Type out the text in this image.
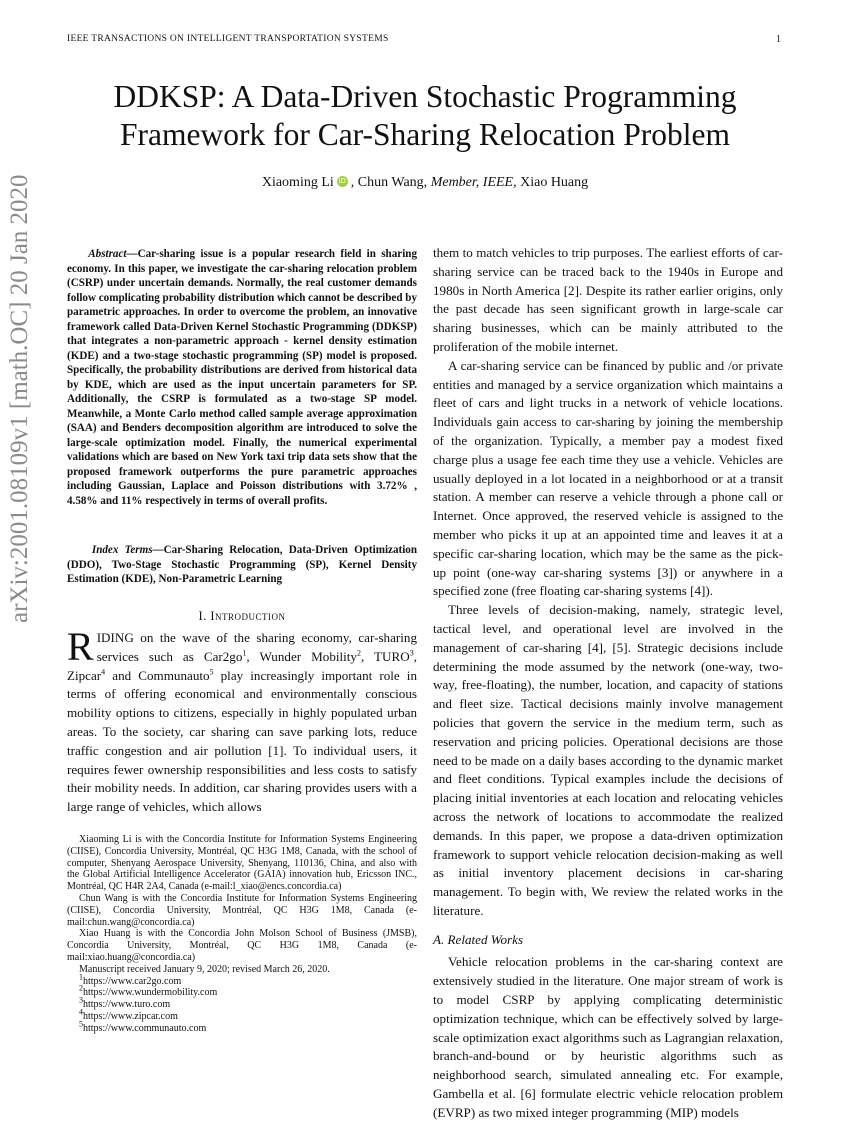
IEEE TRANSACTIONS ON INTELLIGENT TRANSPORTATION SYSTEMS	1
arXiv:2001.08109v1 [math.OC] 20 Jan 2020
DDKSP: A Data-Driven Stochastic Programming Framework for Car-Sharing Relocation Problem
Xiaoming Li iD , Chun Wang, Member, IEEE, Xiao Huang
Abstract—Car-sharing issue is a popular research field in sharing economy. In this paper, we investigate the car-sharing relocation problem (CSRP) under uncertain demands. Normally, the real customer demands follow complicating probability distribution which cannot be described by parametric approaches. In order to overcome the problem, an innovative framework called Data-Driven Kernel Stochastic Programming (DDKSP) that integrates a non-parametric approach - kernel density estimation (KDE) and a two-stage stochastic programming (SP) model is proposed. Specifically, the probability distributions are derived from historical data by KDE, which are used as the input uncertain parameters for SP. Additionally, the CSRP is formulated as a two-stage SP model. Meanwhile, a Monte Carlo method called sample average approximation (SAA) and Benders decomposition algorithm are introduced to solve the large-scale optimization model. Finally, the numerical experimental validations which are based on New York taxi trip data sets show that the proposed framework outperforms the pure parametric approaches including Gaussian, Laplace and Poisson distributions with 3.72% , 4.58% and 11% respectively in terms of overall profits.
Index Terms—Car-Sharing Relocation, Data-Driven Optimization (DDO), Two-Stage Stochastic Programming (SP), Kernel Density Estimation (KDE), Non-Parametric Learning
I. Introduction
RIDING on the wave of the sharing economy, car-sharing services such as $Car2go^1$, Wunder Mobility$^2$, TURO$^3$, Zipcar$^4$ and Communauto$^5$ play increasingly important role in terms of offering economical and environmentally conscious mobility options to citizens, especially in highly populated urban areas. To the society, car sharing can save parking lots, reduce traffic congestion and air pollution [1]. To individual users, it requires fewer ownership responsibilities and less costs to satisfy their mobility needs. In addition, car sharing provides users with a large range of vehicles, which allows

Xiaoming Li is with the Concordia Institute for Information Systems Engineering (CIISE), Concordia University, Montréal, QC H3G 1M8, Canada, with the school of computer, Shenyang Aerospace University, Shenyang, 110136, China, and also with the Global Artificial Intelligence Accelerator (GAIA) innovation hub, Ericsson INC., Montréal, QC H4R 2A4, Canada (e-mail:l_xiao@encs.concordia.ca)

Chun Wang is with the Concordia Institute for Information Systems Engineering (CIISE), Concordia University, Montréal, QC H3G 1M8, Canada (e-mail:chun.wang@concordia.ca)

Xiao Huang is with the Concordia John Molson School of Business (JMSB), Concordia University, Montréal, QC H3G 1M8, Canada (e-mail:xiao.huang@concordia.ca)

Manuscript received January 9, 2020; revised March 26, 2020.

$^1$https://www.car2go.com

$^2$https://www.wundermobility.com

$^3$https://www.turo.com

$^4$https://www.zipcar.com

$^5$https://www.communauto.com

them to match vehicles to trip purposes. The earliest efforts of car-sharing service can be traced back to the 1940s in Europe and 1980s in North America [2]. Despite its rather earlier origins, only the past decade has seen significant growth in large-scale car sharing businesses, which can be mainly attributed to the proliferation of the mobile internet.

A car-sharing service can be financed by public and /or private entities and managed by a service organization which maintains a fleet of cars and light trucks in a network of vehicle locations. Individuals gain access to car-sharing by joining the membership of the organization. Typically, a member pay a modest fixed charge plus a usage fee each time they use a vehicle. Vehicles are usually deployed in a lot located in a neighborhood or at a transit station. A member can reserve a vehicle through a phone call or Internet. Once approved, the reserved vehicle is assigned to the member who picks it up at an appointed time and leaves it at a specific car-sharing location, which may be the same as the pick-up point (one-way car-sharing systems [3]) or anywhere in a specified zone (free floating car-sharing systems [4]).

Three levels of decision-making, namely, strategic level, tactical level, and operational level are involved in the management of car-sharing [4], [5]. Strategic decisions include determining the mode assumed by the network (one-way, two-way, free-floating), the number, location, and capacity of stations and fleet size. Tactical decisions mainly involve management policies that govern the service in the medium term, such as reservation and pricing policies. Operational decisions are those need to be made on a daily bases according to the dynamic market and fleet conditions. Typical examples include the decisions of placing initial inventories at each location and relocating vehicles across the network of locations to accommodate the realized demands. In this paper, we propose a data-driven optimization framework to support vehicle relocation decision-making as well as initial inventory placement decisions in car-sharing management. To begin with, We review the related works in the literature.

A. Related Works

Vehicle relocation problems in the car-sharing context are extensively studied in the literature. One major stream of work is to model CSRP by applying complicating deterministic optimization technique, which can be effectively solved by large-scale optimization exact algorithms such as Lagrangian relaxation, branch-and-bound or by heuristic algorithms such as neighborhood search, simulated annealing etc. For example, Gambella et al. [6] formulate electric vehicle relocation problem (EVRP) as two mixed integer programming (MIP) models
